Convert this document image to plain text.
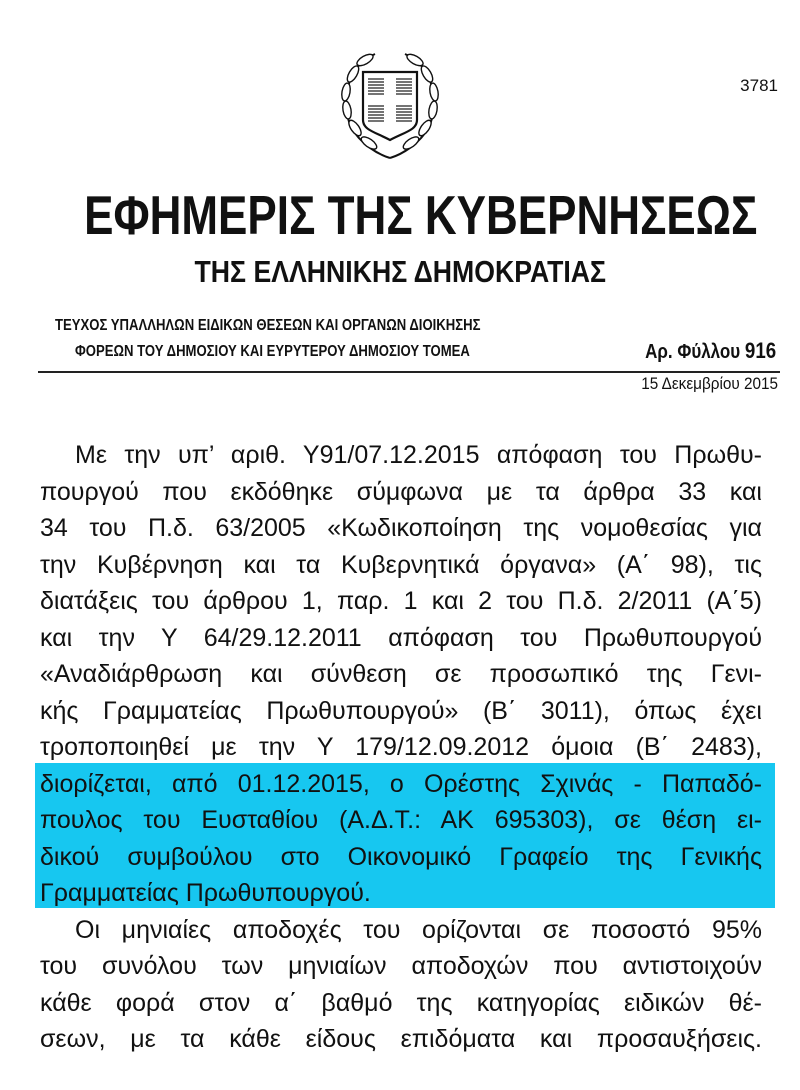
3781
ΕΦΗΜΕΡΙΣ ΤΗΣ ΚΥΒΕΡΝΗΣΕΩΣ
ΤΗΣ ΕΛΛΗΝΙΚΗΣ ΔΗΜΟΚΡΑΤΙΑΣ
ΤΕΥΧΟΣ ΥΠΑΛΛΗΛΩΝ ΕΙΔΙΚΩΝ ΘΕΣΕΩΝ ΚΑΙ ΟΡΓΑΝΩΝ ΔΙΟΙΚΗΣΗΣ
ΦΟΡΕΩΝ ΤΟΥ ΔΗΜΟΣΙΟΥ ΚΑΙ ΕΥΡΥΤΕΡΟΥ ΔΗΜΟΣΙΟΥ ΤΟΜΕΑ	Αρ. Φύλλου 916
15 Δεκεμβρίου 2015
Με την υπ’ αριθ. Υ91/07.12.2015 απόφαση του Πρωθυ-
πουργού που εκδόθηκε σύμφωνα με τα άρθρα 33 και
34 του Π.δ. 63/2005 «Κωδικοποίηση της νομοθεσίας για
την Κυβέρνηση και τα Κυβερνητικά όργανα» (Α΄ 98), τις
διατάξεις του άρθρου 1, παρ. 1 και 2 του Π.δ. 2/2011 (Α΄5)
και την Υ 64/29.12.2011 απόφαση του Πρωθυπουργού
«Αναδιάρθρωση και σύνθεση σε προσωπικό της Γενι-
κής Γραμματείας Πρωθυπουργού» (Β΄ 3011), όπως έχει
τροποποιηθεί με την Υ 179/12.09.2012 όμοια (Β΄ 2483),
διορίζεται, από 01.12.2015, ο Ορέστης Σχινάς - Παπαδό-
πουλος του Ευσταθίου (Α.Δ.Τ.: ΑΚ 695303), σε θέση ει-
δικού συμβούλου στο Οικονομικό Γραφείο της Γενικής
Γραμματείας Πρωθυπουργού.
Οι μηνιαίες αποδοχές του ορίζονται σε ποσοστό 95%
του συνόλου των μηνιαίων αποδοχών που αντιστοιχούν
κάθε φορά στον α΄ βαθμό της κατηγορίας ειδικών θέ-
σεων, με τα κάθε είδους επιδόματα και προσαυξήσεις.
